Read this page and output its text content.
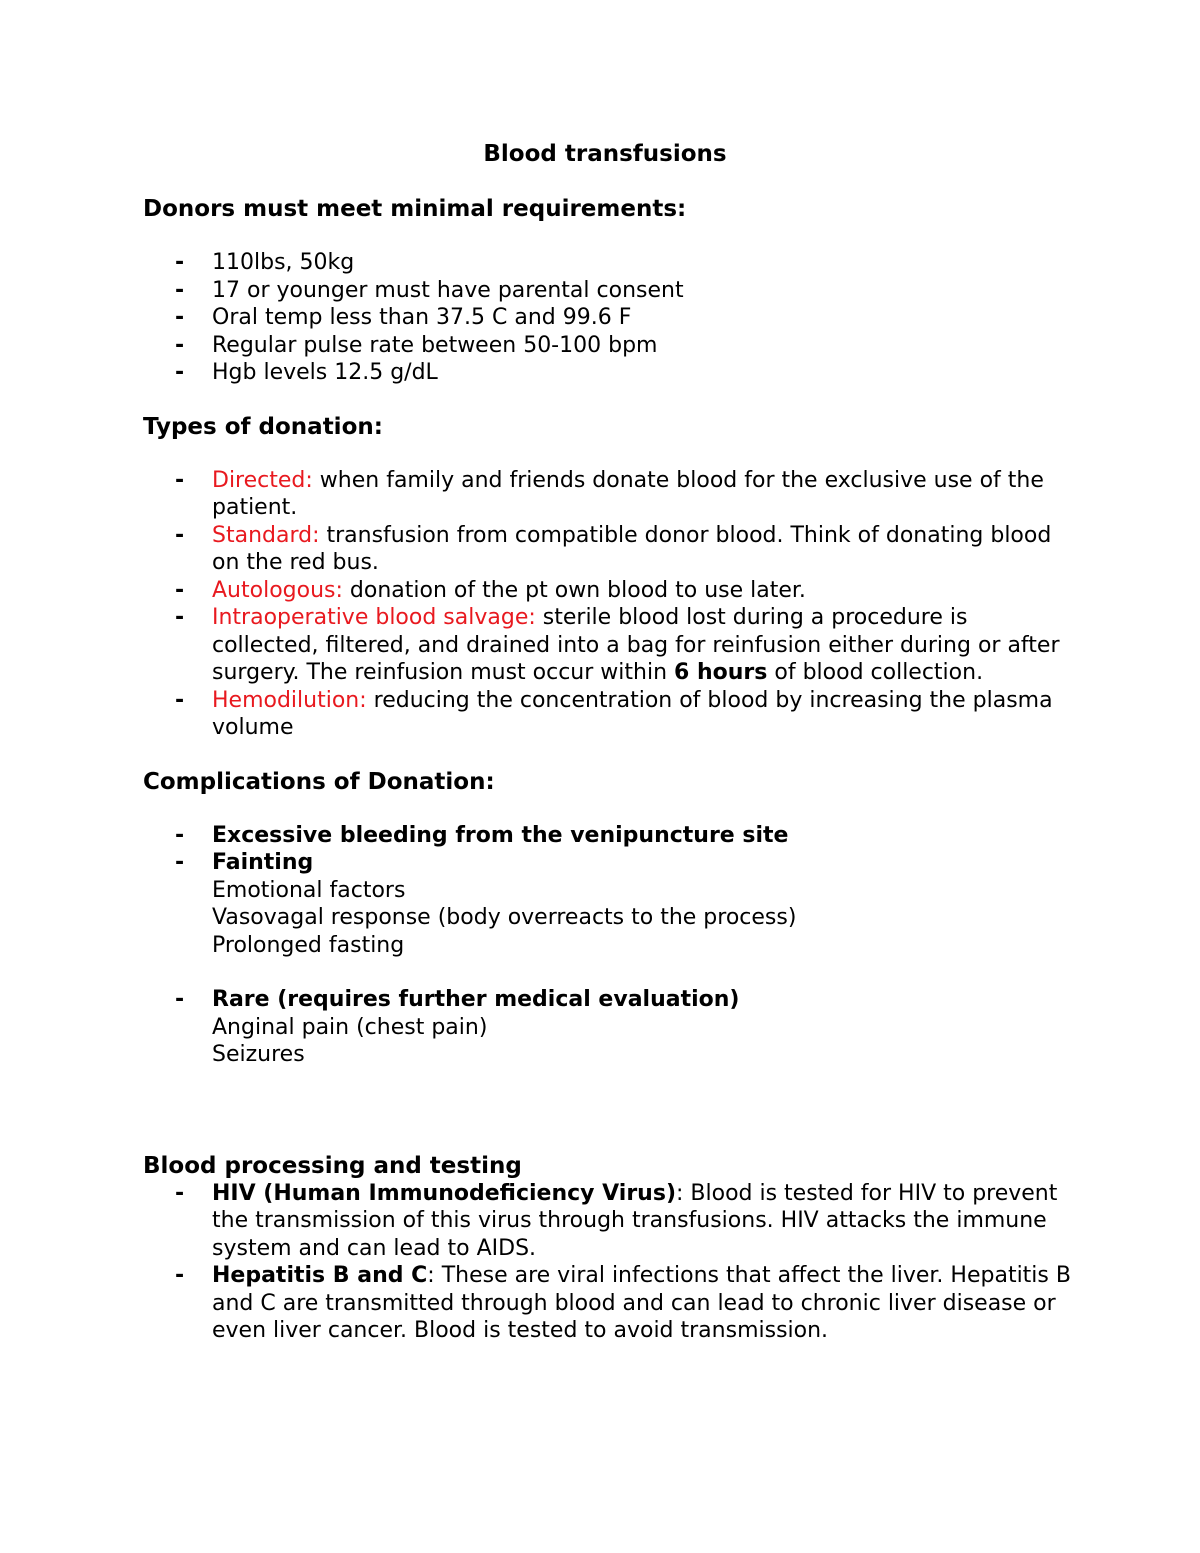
Blood transfusions
Donors must meet minimal requirements:
- 110lbs, 50kg
- 17 or younger must have parental consent
- Oral temp less than 37.5 C and 99.6 F
- Regular pulse rate between 50-100 bpm
- Hgb levels 12.5 g/dL
Types of donation:
- Directed: when family and friends donate blood for the exclusive use of the patient.
- Standard: transfusion from compatible donor blood. Think of donating blood on the red bus.
- Autologous: donation of the pt own blood to use later.
- Intraoperative blood salvage: sterile blood lost during a procedure is collected, filtered, and drained into a bag for reinfusion either during or after surgery. The reinfusion must occur within 6 hours of blood collection.
- Hemodilution: reducing the concentration of blood by increasing the plasma volume
Complications of Donation:
- Excessive bleeding from the venipuncture site
- Fainting
Emotional factors
Vasovagal response (body overreacts to the process)
Prolonged fasting
- Rare (requires further medical evaluation)
Anginal pain (chest pain)
Seizures
Blood processing and testing
- HIV (Human Immunodeficiency Virus): Blood is tested for HIV to prevent the transmission of this virus through transfusions. HIV attacks the immune system and can lead to AIDS.
- Hepatitis B and C: These are viral infections that affect the liver. Hepatitis B and C are transmitted through blood and can lead to chronic liver disease or even liver cancer. Blood is tested to avoid transmission.
